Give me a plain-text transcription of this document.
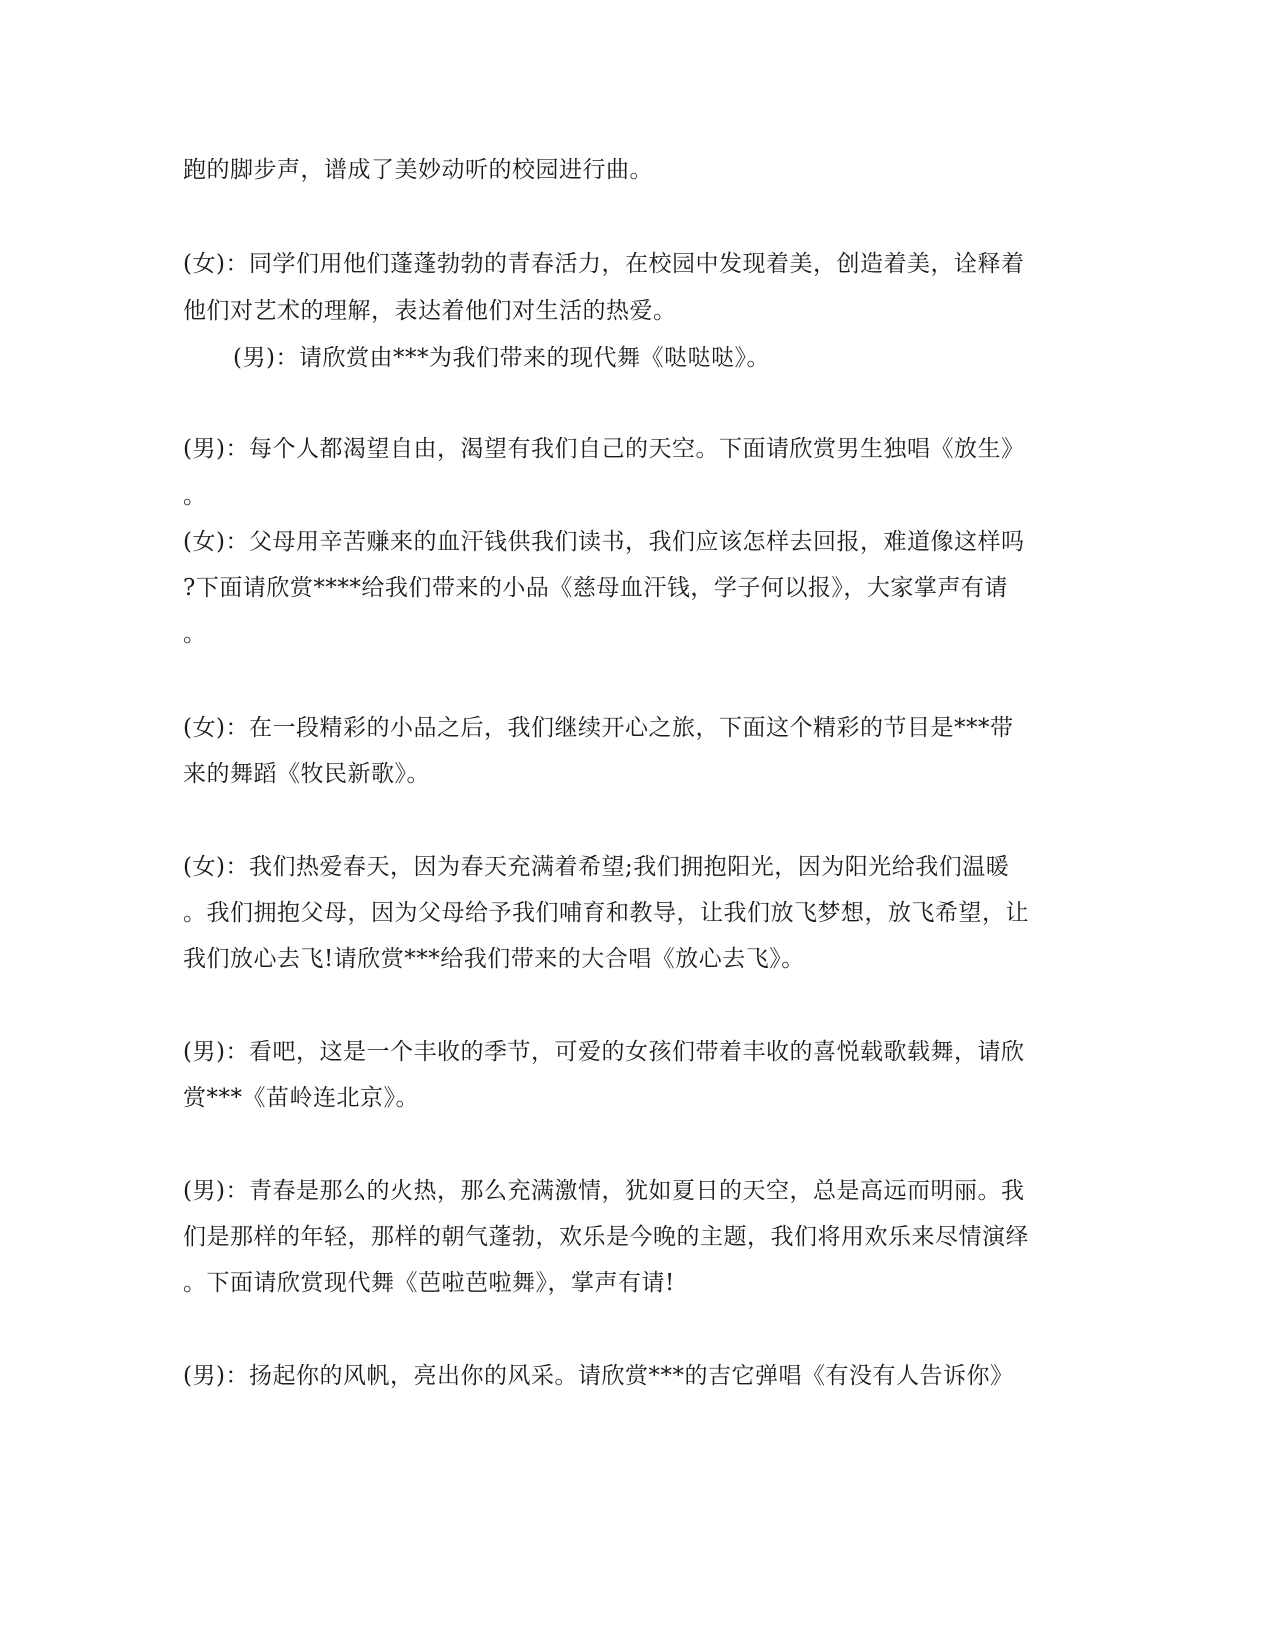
跑的脚步声，谱成了美妙动听的校园进行曲。
(女)：同学们用他们蓬蓬勃勃的青春活力，在校园中发现着美，创造着美，诠释着
他们对艺术的理解，表达着他们对生活的热爱。
(男)：请欣赏由***为我们带来的现代舞《哒哒哒》。
(男)：每个人都渴望自由，渴望有我们自己的天空。下面请欣赏男生独唱《放生》
。
(女)：父母用辛苦赚来的血汗钱供我们读书，我们应该怎样去回报，难道像这样吗
?下面请欣赏****给我们带来的小品《慈母血汗钱，学子何以报》，大家掌声有请
。
(女)：在一段精彩的小品之后，我们继续开心之旅，下面这个精彩的节目是***带
来的舞蹈《牧民新歌》。
(女)：我们热爱春天，因为春天充满着希望;我们拥抱阳光，因为阳光给我们温暖
。我们拥抱父母，因为父母给予我们哺育和教导，让我们放飞梦想，放飞希望，让
我们放心去飞!请欣赏***给我们带来的大合唱《放心去飞》。
(男)：看吧，这是一个丰收的季节，可爱的女孩们带着丰收的喜悦载歌载舞，请欣
赏***《苗岭连北京》。
(男)：青春是那么的火热，那么充满激情，犹如夏日的天空，总是高远而明丽。我
们是那样的年轻，那样的朝气蓬勃，欢乐是今晚的主题，我们将用欢乐来尽情演绎
。下面请欣赏现代舞《芭啦芭啦舞》，掌声有请!
(男)：扬起你的风帆，亮出你的风采。请欣赏***的吉它弹唱《有没有人告诉你》
